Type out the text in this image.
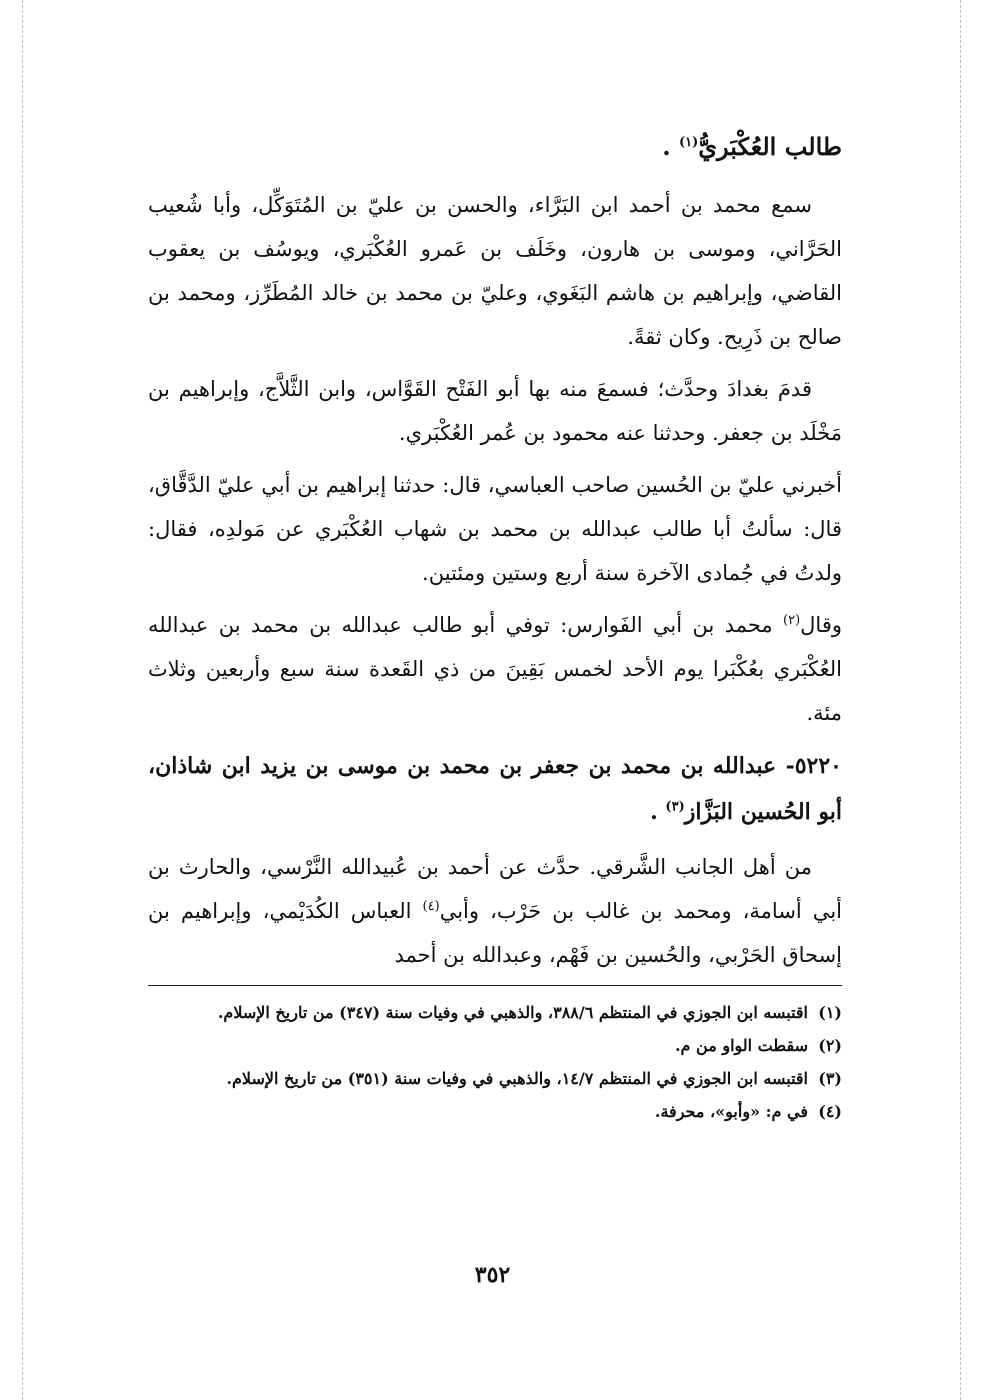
طالب العُكْبَريُّ$^{(١)}$ .

سمع محمد بن أحمد ابن البَرَّاء، والحسن بن عليّ بن المُتَوَكِّل، وأبا شُعيب الحَرَّاني، وموسى بن هارون، وخَلَف بن عَمرو العُكْبَري، ويوسُف بن يعقوب القاضي، وإبراهيم بن هاشم البَغَوي، وعليّ بن محمد بن خالد المُطَرِّز، ومحمد بن صالح بن ذَرِيح. وكان ثقةً.

قدمَ بغدادَ وحدَّث؛ فسمعَ منه بها أبو الفَتْح القَوَّاس، وابن الثَّلاَّج، وإبراهيم بن مَخْلَد بن جعفر. وحدثنا عنه محمود بن عُمر العُكْبَري.

أخبرني عليّ بن الحُسين صاحب العباسي، قال: حدثنا إبراهيم بن أبي عليّ الدَّقَّاق، قال: سألتُ أبا طالب عبدالله بن محمد بن شهاب العُكْبَري عن مَولدِه، فقال: ولدتُ في جُمادى الآخرة سنة أربع وستين ومئتين.

وقال$^{(٢)}$ محمد بن أبي الفَوارس: توفي أبو طالب عبدالله بن محمد بن عبدالله العُكْبَري بعُكْبَرا يوم الأحد لخمس بَقِينَ من ذي القَعدة سنة سبع وأربعين وثلاث مئة.

٥٢٢٠- عبدالله بن محمد بن جعفر بن محمد بن موسى بن يزيد ابن شاذان، أبو الحُسين البَزَّاز$^{(٣)}$ .

من أهل الجانب الشَّرقي. حدَّث عن أحمد بن عُبيدالله النَّرْسي، والحارث بن أبي أسامة، ومحمد بن غالب بن حَرْب، وأبي$^{(٤)}$ العباس الكُدَيْمي، وإبراهيم بن إسحاق الحَرْبي، والحُسين بن فَهْم، وعبدالله بن أحمد

(١)
اقتبسه ابن الجوزي في المنتظم ٣٨٨/٦، والذهبي في وفيات سنة (٣٤٧) من تاريخ الإسلام.

(٢)
سقطت الواو من م.

(٣)
اقتبسه ابن الجوزي في المنتظم ١٤/٧، والذهبي في وفيات سنة (٣٥١) من تاريخ الإسلام.

(٤)
في م: «وأبو»، محرفة.

٣٥٢
